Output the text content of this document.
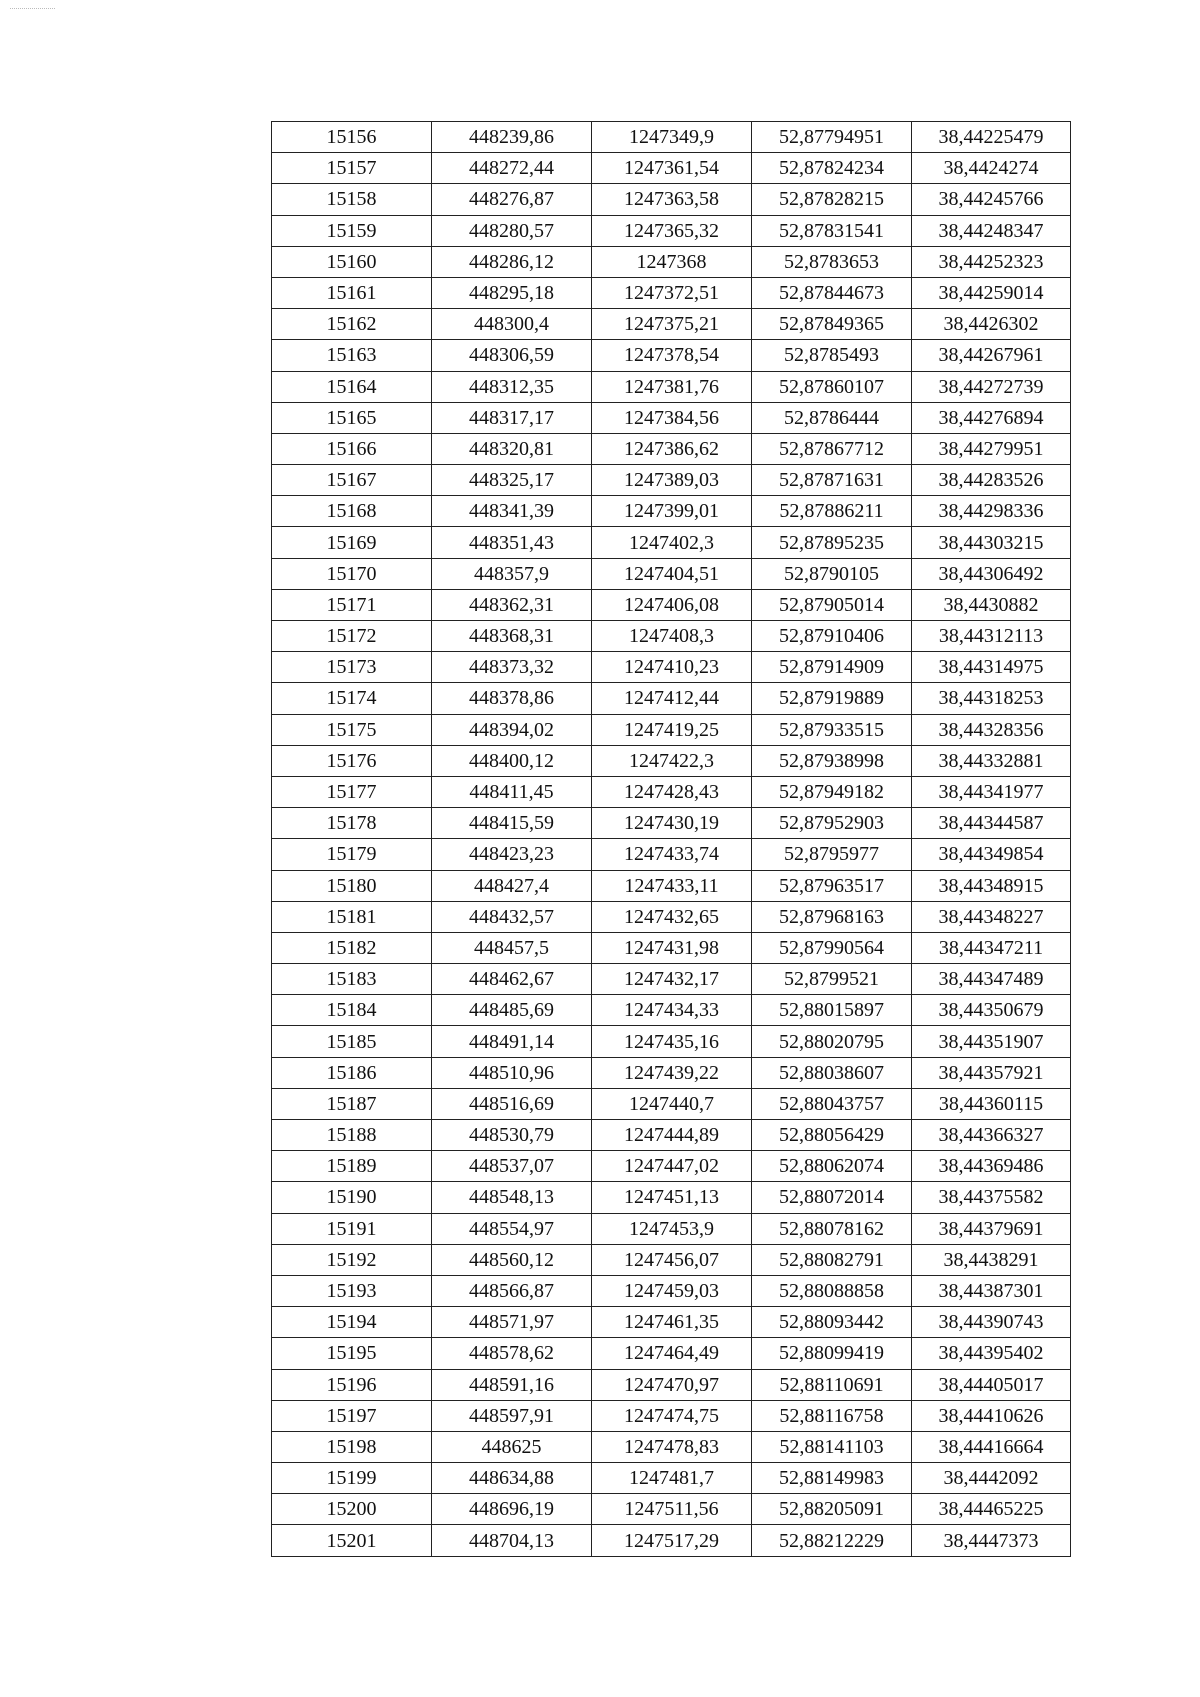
15156	448239,86	1247349,9	52,87794951	38,44225479
15157	448272,44	1247361,54	52,87824234	38,4424274
15158	448276,87	1247363,58	52,87828215	38,44245766
15159	448280,57	1247365,32	52,87831541	38,44248347
15160	448286,12	1247368	52,8783653	38,44252323
15161	448295,18	1247372,51	52,87844673	38,44259014
15162	448300,4	1247375,21	52,87849365	38,4426302
15163	448306,59	1247378,54	52,8785493	38,44267961
15164	448312,35	1247381,76	52,87860107	38,44272739
15165	448317,17	1247384,56	52,8786444	38,44276894
15166	448320,81	1247386,62	52,87867712	38,44279951
15167	448325,17	1247389,03	52,87871631	38,44283526
15168	448341,39	1247399,01	52,87886211	38,44298336
15169	448351,43	1247402,3	52,87895235	38,44303215
15170	448357,9	1247404,51	52,8790105	38,44306492
15171	448362,31	1247406,08	52,87905014	38,4430882
15172	448368,31	1247408,3	52,87910406	38,44312113
15173	448373,32	1247410,23	52,87914909	38,44314975
15174	448378,86	1247412,44	52,87919889	38,44318253
15175	448394,02	1247419,25	52,87933515	38,44328356
15176	448400,12	1247422,3	52,87938998	38,44332881
15177	448411,45	1247428,43	52,87949182	38,44341977
15178	448415,59	1247430,19	52,87952903	38,44344587
15179	448423,23	1247433,74	52,8795977	38,44349854
15180	448427,4	1247433,11	52,87963517	38,44348915
15181	448432,57	1247432,65	52,87968163	38,44348227
15182	448457,5	1247431,98	52,87990564	38,44347211
15183	448462,67	1247432,17	52,8799521	38,44347489
15184	448485,69	1247434,33	52,88015897	38,44350679
15185	448491,14	1247435,16	52,88020795	38,44351907
15186	448510,96	1247439,22	52,88038607	38,44357921
15187	448516,69	1247440,7	52,88043757	38,44360115
15188	448530,79	1247444,89	52,88056429	38,44366327
15189	448537,07	1247447,02	52,88062074	38,44369486
15190	448548,13	1247451,13	52,88072014	38,44375582
15191	448554,97	1247453,9	52,88078162	38,44379691
15192	448560,12	1247456,07	52,88082791	38,4438291
15193	448566,87	1247459,03	52,88088858	38,44387301
15194	448571,97	1247461,35	52,88093442	38,44390743
15195	448578,62	1247464,49	52,88099419	38,44395402
15196	448591,16	1247470,97	52,88110691	38,44405017
15197	448597,91	1247474,75	52,88116758	38,44410626
15198	448625	1247478,83	52,88141103	38,44416664
15199	448634,88	1247481,7	52,88149983	38,4442092
15200	448696,19	1247511,56	52,88205091	38,44465225
15201	448704,13	1247517,29	52,88212229	38,4447373
